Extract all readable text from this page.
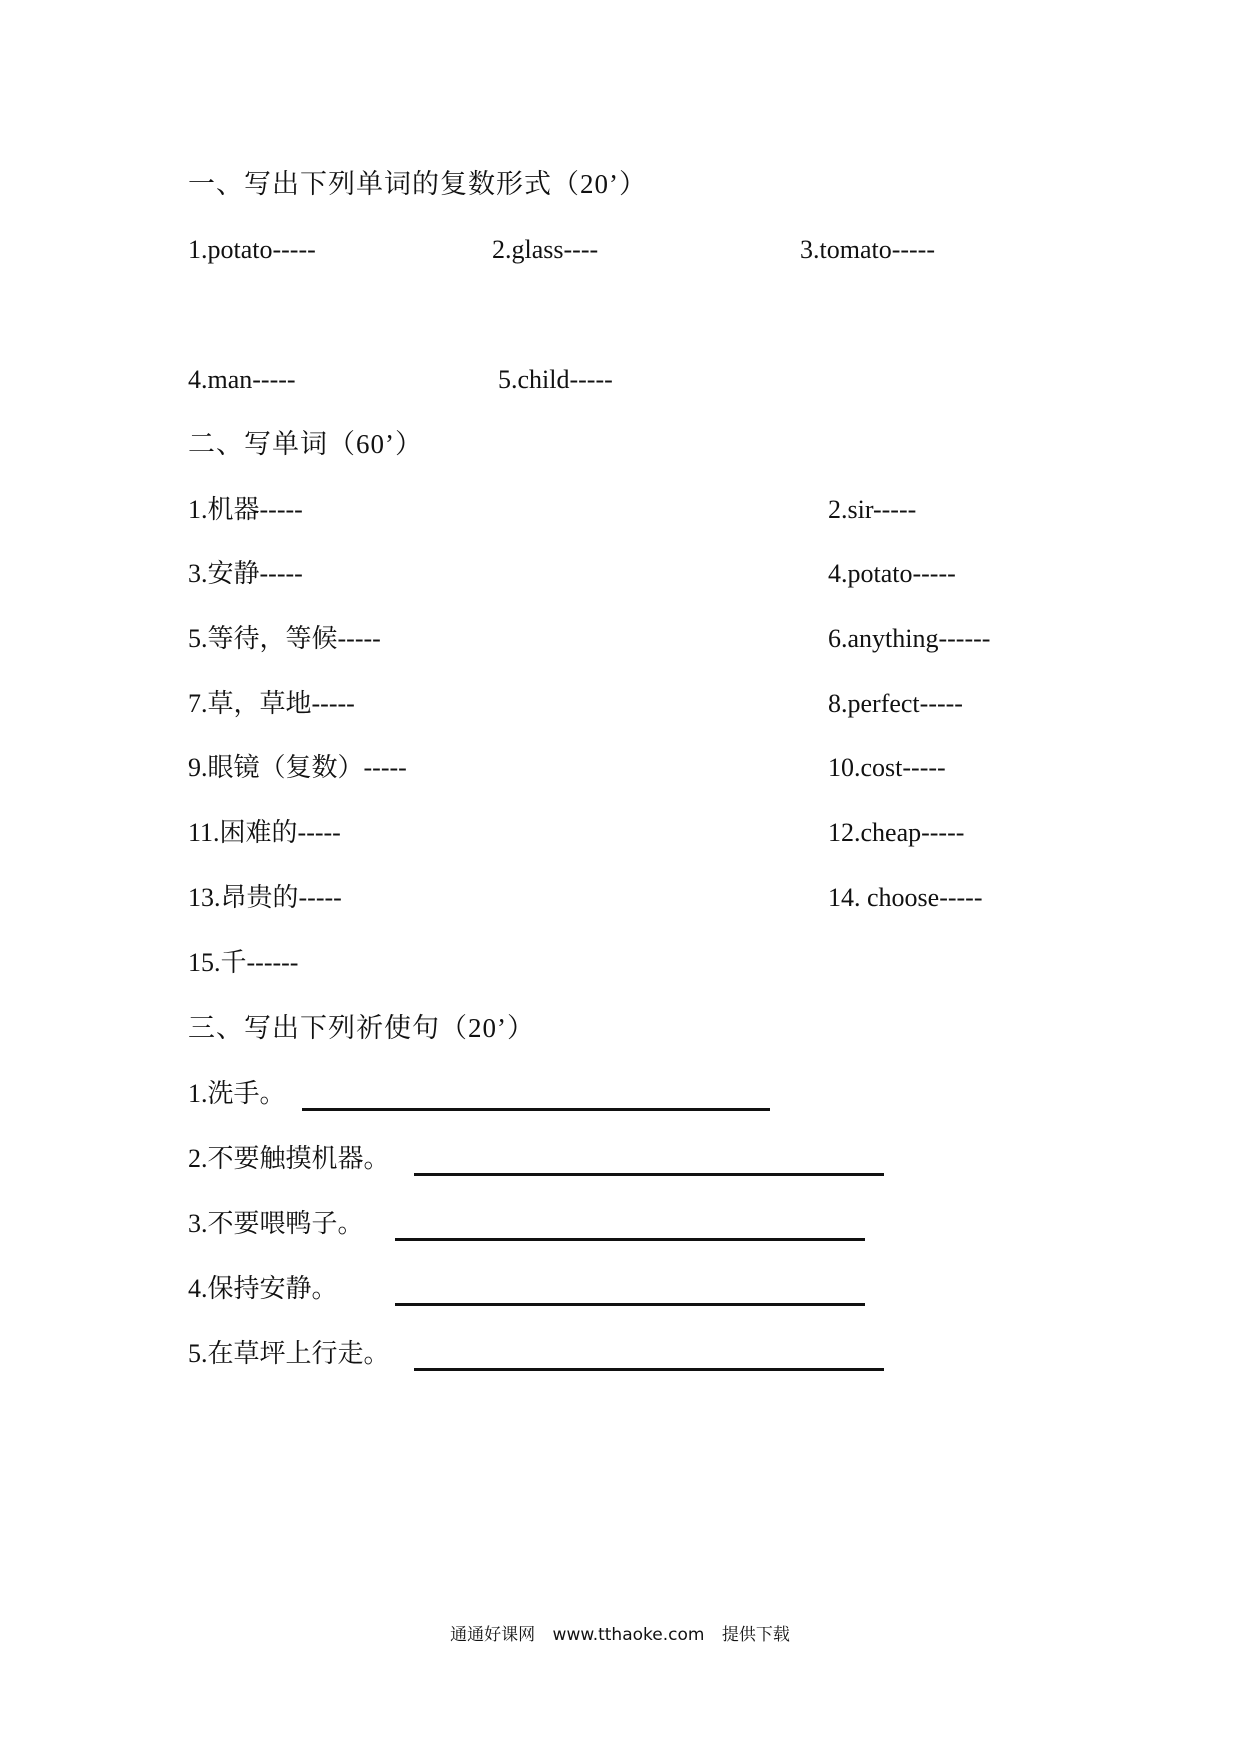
一、写出下列单词的复数形式（20’）
1.potato-----	2.glass----	3.tomato-----
4.man-----	5.child-----
二、写单词（60’）
1.机器-----	2.sir-----
3.安静-----	4.potato-----
5.等待，等候-----	6.anything------
7.草，草地-----	8.perfect-----
9.眼镜（复数）-----	10.cost-----
11.困难的-----	12.cheap-----
13.昂贵的-----	14. choose-----
15.千------
三、写出下列祈使句（20’）
1.洗手。
2.不要触摸机器。
3.不要喂鸭子。
4.保持安静。
5.在草坪上行走。
通通好课网 www.tthaoke.com 提供下载
